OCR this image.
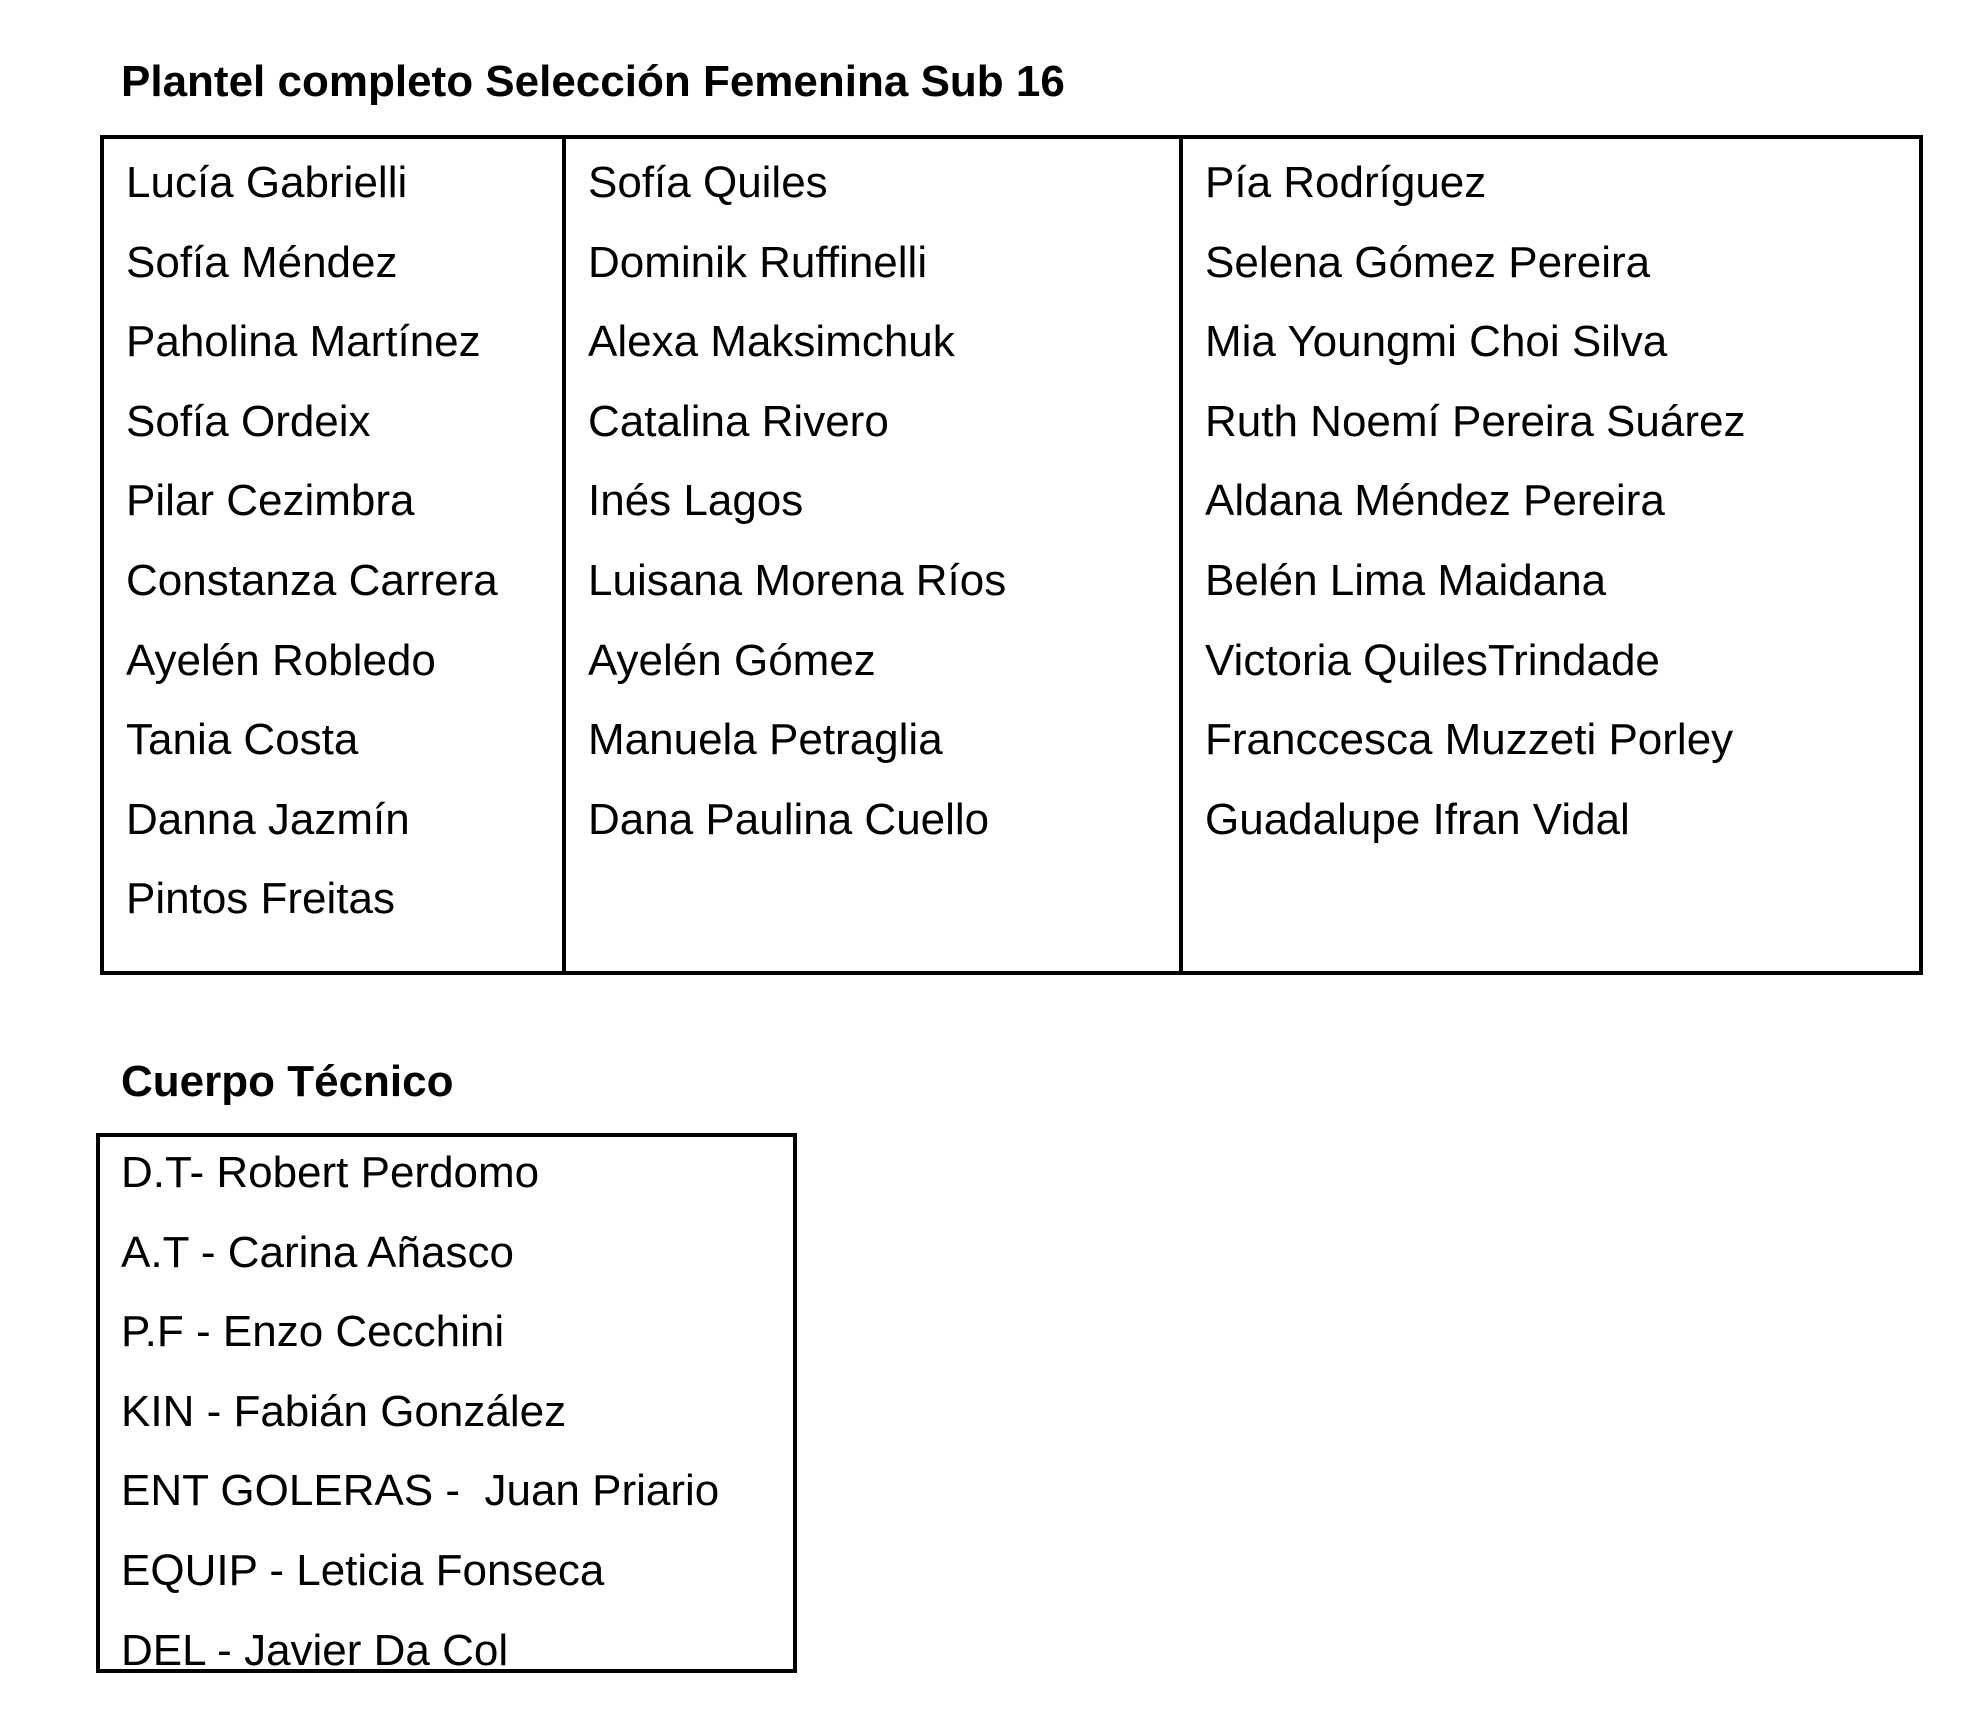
Plantel completo Selección Femenina Sub 16
Lucía Gabrielli
Sofía Méndez
Paholina Martínez
Sofía Ordeix
Pilar Cezimbra
Constanza Carrera
Ayelén Robledo
Tania Costa
Danna Jazmín
Pintos Freitas
Sofía Quiles
Dominik Ruffinelli
Alexa Maksimchuk
Catalina Rivero
Inés Lagos
Luisana Morena Ríos
Ayelén Gómez
Manuela Petraglia
Dana Paulina Cuello
Pía Rodríguez
Selena Gómez Pereira
Mia Youngmi Choi Silva
Ruth Noemí Pereira Suárez
Aldana Méndez Pereira
Belén Lima Maidana
Victoria QuilesTrindade
Franccesca Muzzeti Porley
Guadalupe Ifran Vidal
Cuerpo Técnico
D.T- Robert Perdomo
A.T - Carina Añasco
P.F - Enzo Cecchini
KIN - Fabián González
ENT GOLERAS -  Juan Priario
EQUIP - Leticia Fonseca
DEL - Javier Da Col
